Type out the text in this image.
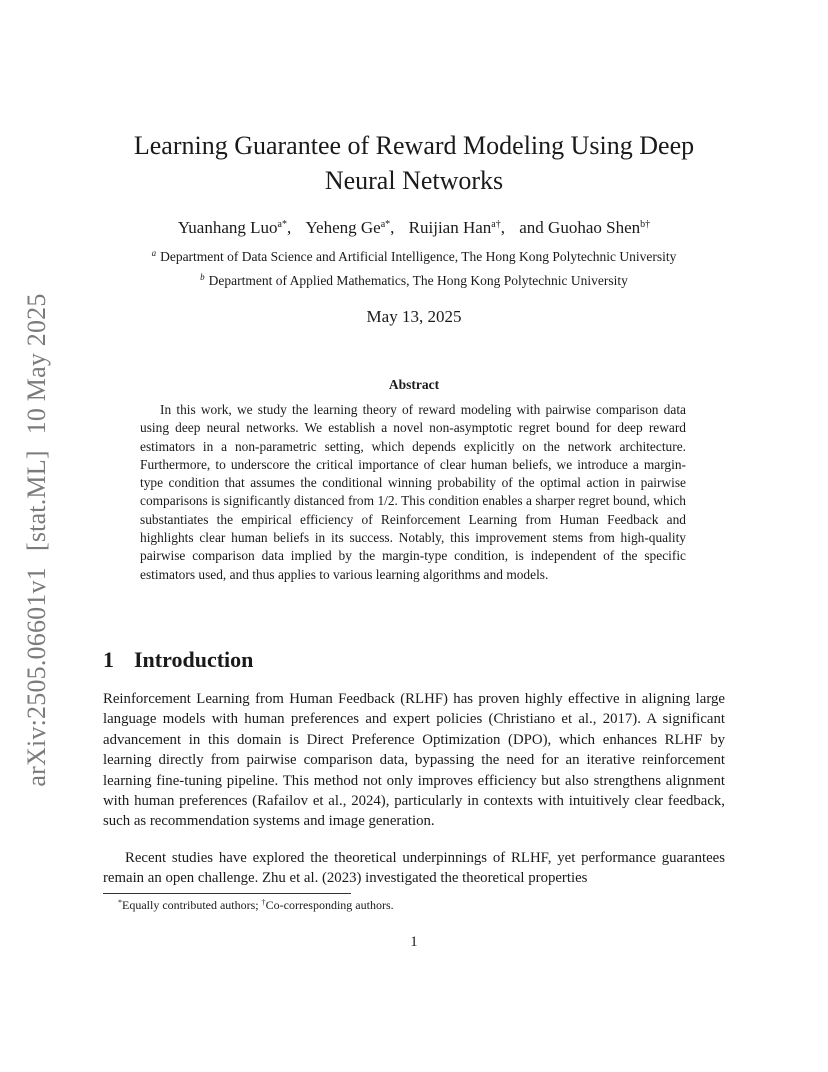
arXiv:2505.06601v1[stat.ML]10 May 2025
Learning Guarantee of Reward Modeling Using Deep
Neural Networks
Yuanhang Luo$^{a*}$, Yeheng $Ge^{a*}$, Ruijian Han$^{a\dagger}$, and Guohao Shen$^{b\dagger}$
$^a$ Department of Data Science and Artificial Intelligence, The Hong Kong Polytechnic University
$^b$ Department of Applied Mathematics, The Hong Kong Polytechnic University
May 13, 2025
Abstract

In this work, we study the learning theory of reward modeling with pairwise comparison data using deep neural networks. We establish a novel non-asymptotic regret bound for deep reward estimators in a non-parametric setting, which depends explicitly on the network architecture. Furthermore, to underscore the critical importance of clear human beliefs, we introduce a margin-type condition that assumes the conditional winning probability of the optimal action in pairwise comparisons is significantly distanced from 1/2. This condition enables a sharper regret bound, which substantiates the empirical efficiency of Reinforcement Learning from Human Feedback and highlights clear human beliefs in its success. Notably, this improvement stems from high-quality pairwise comparison data implied by the margin-type condition, is independent of the specific estimators used, and thus applies to various learning algorithms and models.

1 Introduction

Reinforcement Learning from Human Feedback (RLHF) has proven highly effective in aligning large language models with human preferences and expert policies (Christiano et al., 2017). A significant advancement in this domain is Direct Preference Optimization (DPO), which enhances RLHF by learning directly from pairwise comparison data, bypassing the need for an iterative reinforcement learning fine-tuning pipeline. This method not only improves efficiency but also strengthens alignment with human preferences (Rafailov et al., 2024), particularly in contexts with intuitively clear feedback, such as recommendation systems and image generation.

Recent studies have explored the theoretical underpinnings of RLHF, yet performance guarantees remain an open challenge. Zhu et al. (2023) investigated the theoretical properties

*Equally contributed authors; †Co-corresponding authors.
1
